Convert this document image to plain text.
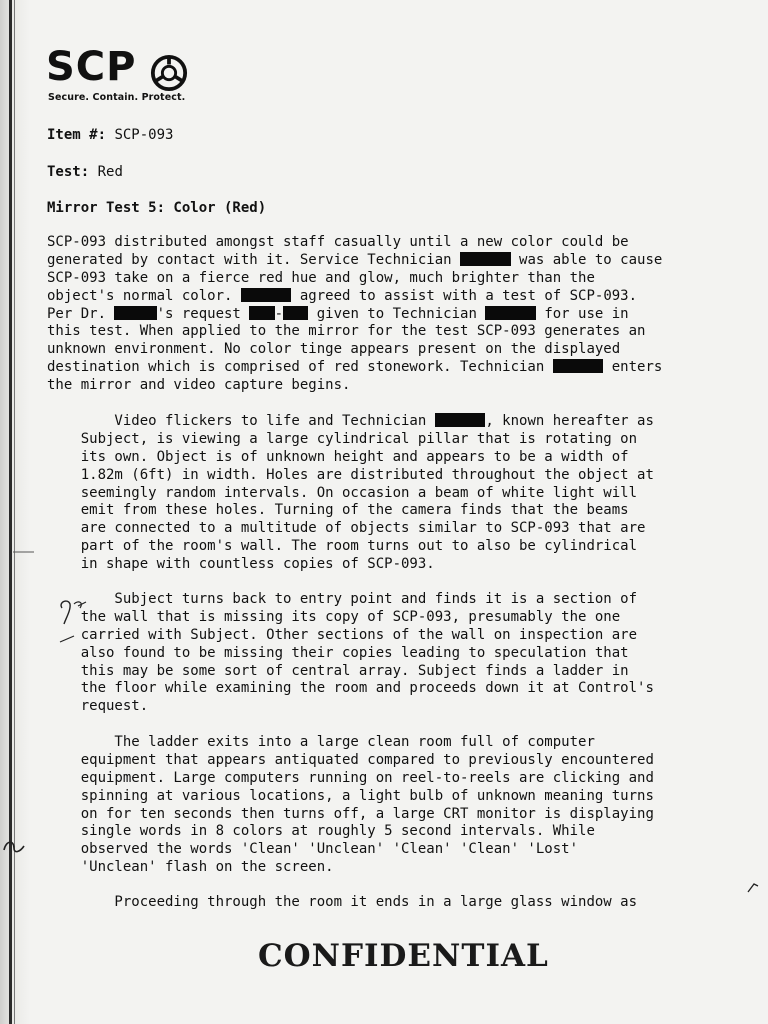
SCP
Secure. Contain. Protect.
Item #: SCP-093
Test: Red
Mirror Test 5: Color (Red)
SCP-093 distributed amongst staff casually until a new color could be
generated by contact with it. Service Technician	was able to cause
SCP-093 take on a fierce red hue and glow, much brighter than the
object's normal color.	agreed to assist with a test of SCP-093.
Per Dr.	's request - given to Technician	for use in
this test. When applied to the mirror for the test SCP-093 generates an
unknown environment. No color tinge appears present on the displayed
destination which is comprised of red stonework. Technician	enters
the mirror and video capture begins.
Video flickers to life and Technician	, known hereafter as
Subject, is viewing a large cylindrical pillar that is rotating on
its own. Object is of unknown height and appears to be a width of
1.82m (6ft) in width. Holes are distributed throughout the object at
seemingly random intervals. On occasion a beam of white light will
emit from these holes. Turning of the camera finds that the beams
are connected to a multitude of objects similar to SCP-093 that are
part of the room's wall. The room turns out to also be cylindrical
in shape with countless copies of SCP-093.
Subject turns back to entry point and finds it is a section of
the wall that is missing its copy of SCP-093, presumably the one
carried with Subject. Other sections of the wall on inspection are
also found to be missing their copies leading to speculation that
this may be some sort of central array. Subject finds a ladder in
the floor while examining the room and proceeds down it at Control's
request.
The ladder exits into a large clean room full of computer
equipment that appears antiquated compared to previously encountered
equipment. Large computers running on reel-to-reels are clicking and
spinning at various locations, a light bulb of unknown meaning turns
on for ten seconds then turns off, a large CRT monitor is displaying
single words in 8 colors at roughly 5 second intervals. While
observed the words 'Clean' 'Unclean' 'Clean' 'Clean' 'Lost'
'Unclean' flash on the screen.
Proceeding through the room it ends in a large glass window as
CONFIDENTIAL
